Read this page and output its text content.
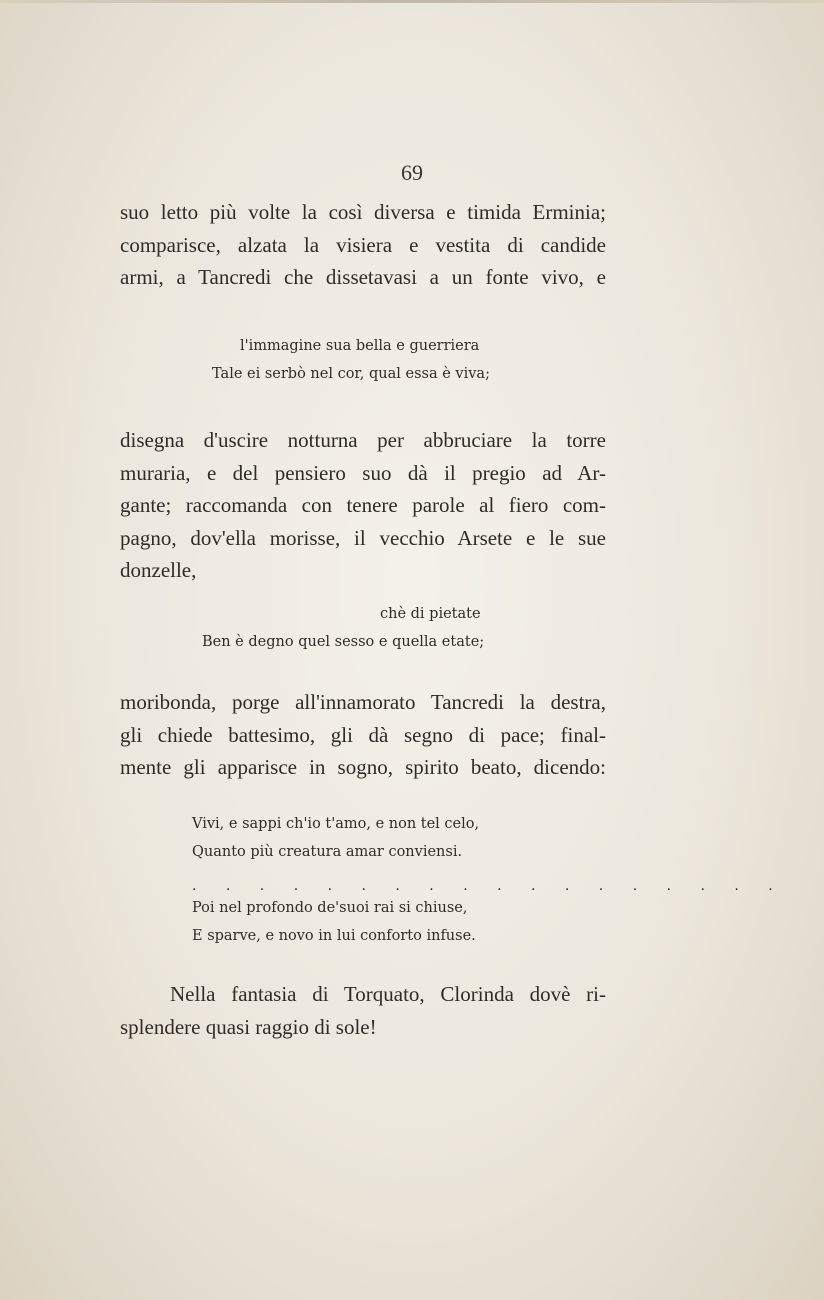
69
suo letto più volte la così diversa e timida Erminia;
comparisce, alzata la visiera e vestita di candide
armi, a Tancredi che dissetavasi a un fonte vivo, e
l'immagine sua bella e guerriera
Tale ei serbò nel cor, qual essa è viva;
disegna d'uscire notturna per abbruciare la torre
muraria, e del pensiero suo dà il pregio ad Ar-
gante; raccomanda con tenere parole al fiero com-
pagno, dov'ella morisse, il vecchio Arsete e le sue
donzelle,
chè di pietate
Ben è degno quel sesso e quella etate;
moribonda, porge all'innamorato Tancredi la destra,
gli chiede battesimo, gli dà segno di pace; final-
mente gli apparisce in sogno, spirito beato, dicendo:
Vivi, e sappi ch'io t'amo, e non tel celo,
Quanto più creatura amar conviensi.
. . . . . . . . . . . . . . . . . .
Poi nel profondo de'suoi rai si chiuse,
E sparve, e novo in lui conforto infuse.
Nella fantasia di Torquato, Clorinda dovè ri-
splendere quasi raggio di sole!
